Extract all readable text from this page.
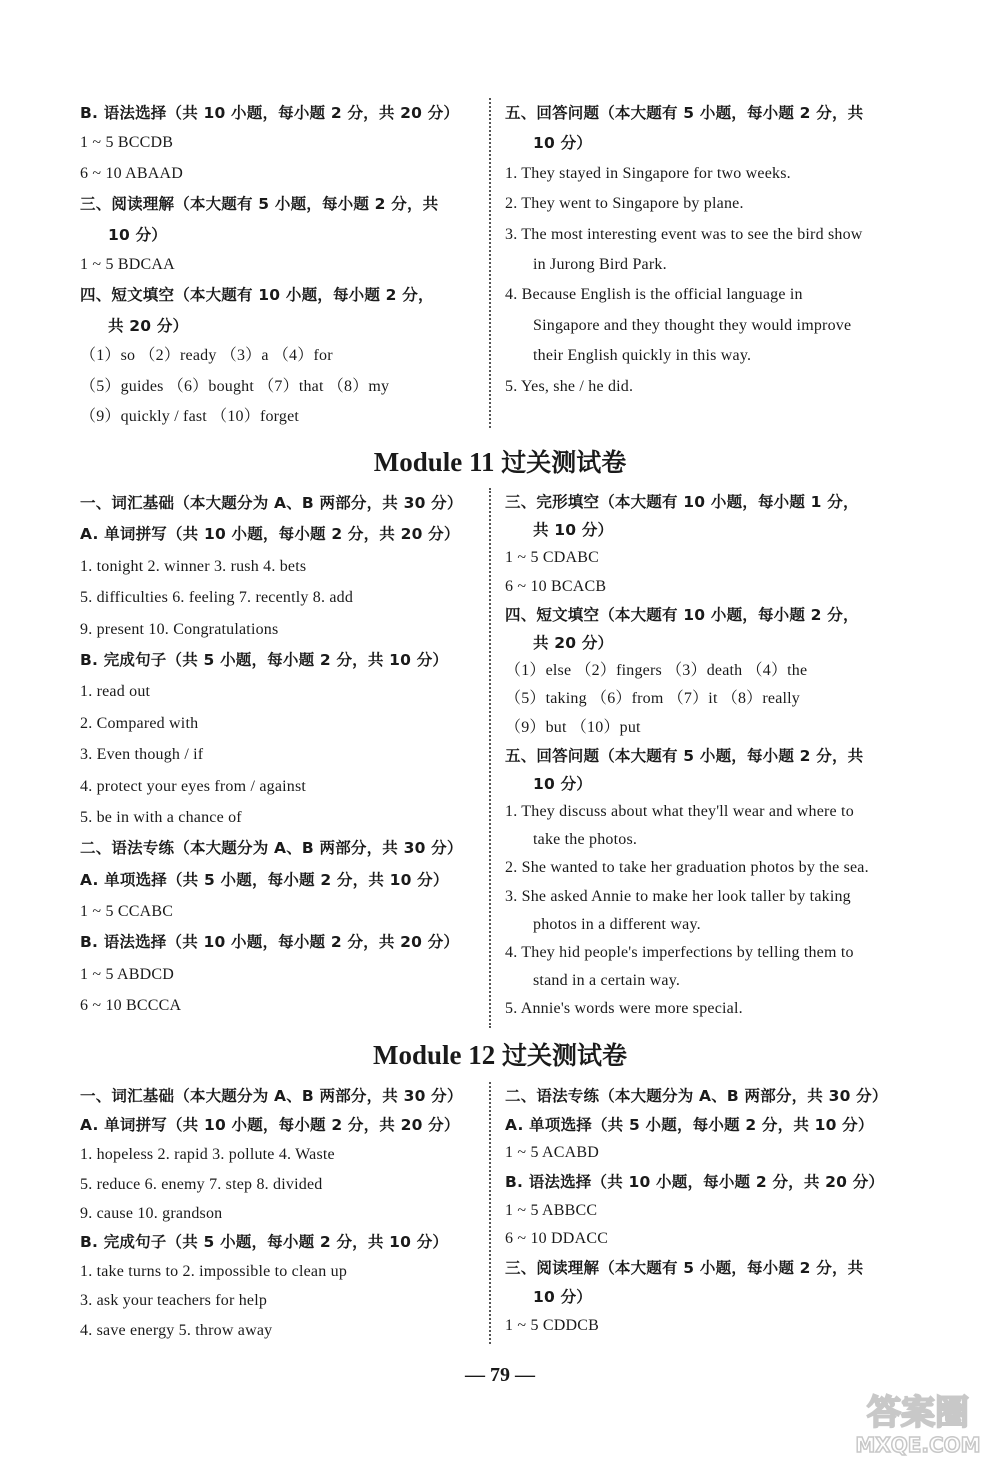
B. 语法选择（共 10 小题，每小题 2 分，共 20 分）
1 ~ 5 BCCDB
6 ~ 10 ABAAD
三、阅读理解（本大题有 5 小题，每小题 2 分，共
10 分）
1 ~ 5 BDCAA
四、短文填空（本大题有 10 小题，每小题 2 分，
共 20 分）
（1）so （2）ready （3）a （4）for
（5）guides （6）bought （7）that （8）my
（9）quickly / fast （10）forget
五、回答问题（本大题有 5 小题，每小题 2 分，共
10 分）
1. They stayed in Singapore for two weeks.
2. They went to Singapore by plane.
3. The most interesting event was to see the bird show
in Jurong Bird Park.
4. Because English is the official language in
Singapore and they thought they would improve
their English quickly in this way.
5. Yes, she / he did.
Module 11 过关测试卷
一、词汇基础（本大题分为 A、B 两部分，共 30 分）
A. 单词拼写（共 10 小题，每小题 2 分，共 20 分）
1. tonight 2. winner 3. rush 4. bets
5. difficulties 6. feeling 7. recently 8. add
9. present 10. Congratulations
B. 完成句子（共 5 小题，每小题 2 分，共 10 分）
1. read out
2. Compared with
3. Even though / if
4. protect your eyes from / against
5. be in with a chance of
二、语法专练（本大题分为 A、B 两部分，共 30 分）
A. 单项选择（共 5 小题，每小题 2 分，共 10 分）
1 ~ 5 CCABC
B. 语法选择（共 10 小题，每小题 2 分，共 20 分）
1 ~ 5 ABDCD
6 ~ 10 BCCCA
三、完形填空（本大题有 10 小题，每小题 1 分，
共 10 分）
1 ~ 5 CDABC
6 ~ 10 BCACB
四、短文填空（本大题有 10 小题，每小题 2 分，
共 20 分）
（1）else （2）fingers （3）death （4）the
（5）taking （6）from （7）it （8）really
（9）but （10）put
五、回答问题（本大题有 5 小题，每小题 2 分，共
10 分）
1. They discuss about what they'll wear and where to
take the photos.
2. She wanted to take her graduation photos by the sea.
3. She asked Annie to make her look taller by taking
photos in a different way.
4. They hid people's imperfections by telling them to
stand in a certain way.
5. Annie's words were more special.
Module 12 过关测试卷
一、词汇基础（本大题分为 A、B 两部分，共 30 分）
A. 单词拼写（共 10 小题，每小题 2 分，共 20 分）
1. hopeless 2. rapid 3. pollute 4. Waste
5. reduce 6. enemy 7. step 8. divided
9. cause 10. grandson
B. 完成句子（共 5 小题，每小题 2 分，共 10 分）
1. take turns to 2. impossible to clean up
3. ask your teachers for help
4. save energy 5. throw away
二、语法专练（本大题分为 A、B 两部分，共 30 分）
A. 单项选择（共 5 小题，每小题 2 分，共 10 分）
1 ~ 5 ACABD
B. 语法选择（共 10 小题，每小题 2 分，共 20 分）
1 ~ 5 ABBCC
6 ~ 10 DDACC
三、阅读理解（本大题有 5 小题，每小题 2 分，共
10 分）
1 ~ 5 CDDCB
— 79 —
答案圈
MXQE.COM
